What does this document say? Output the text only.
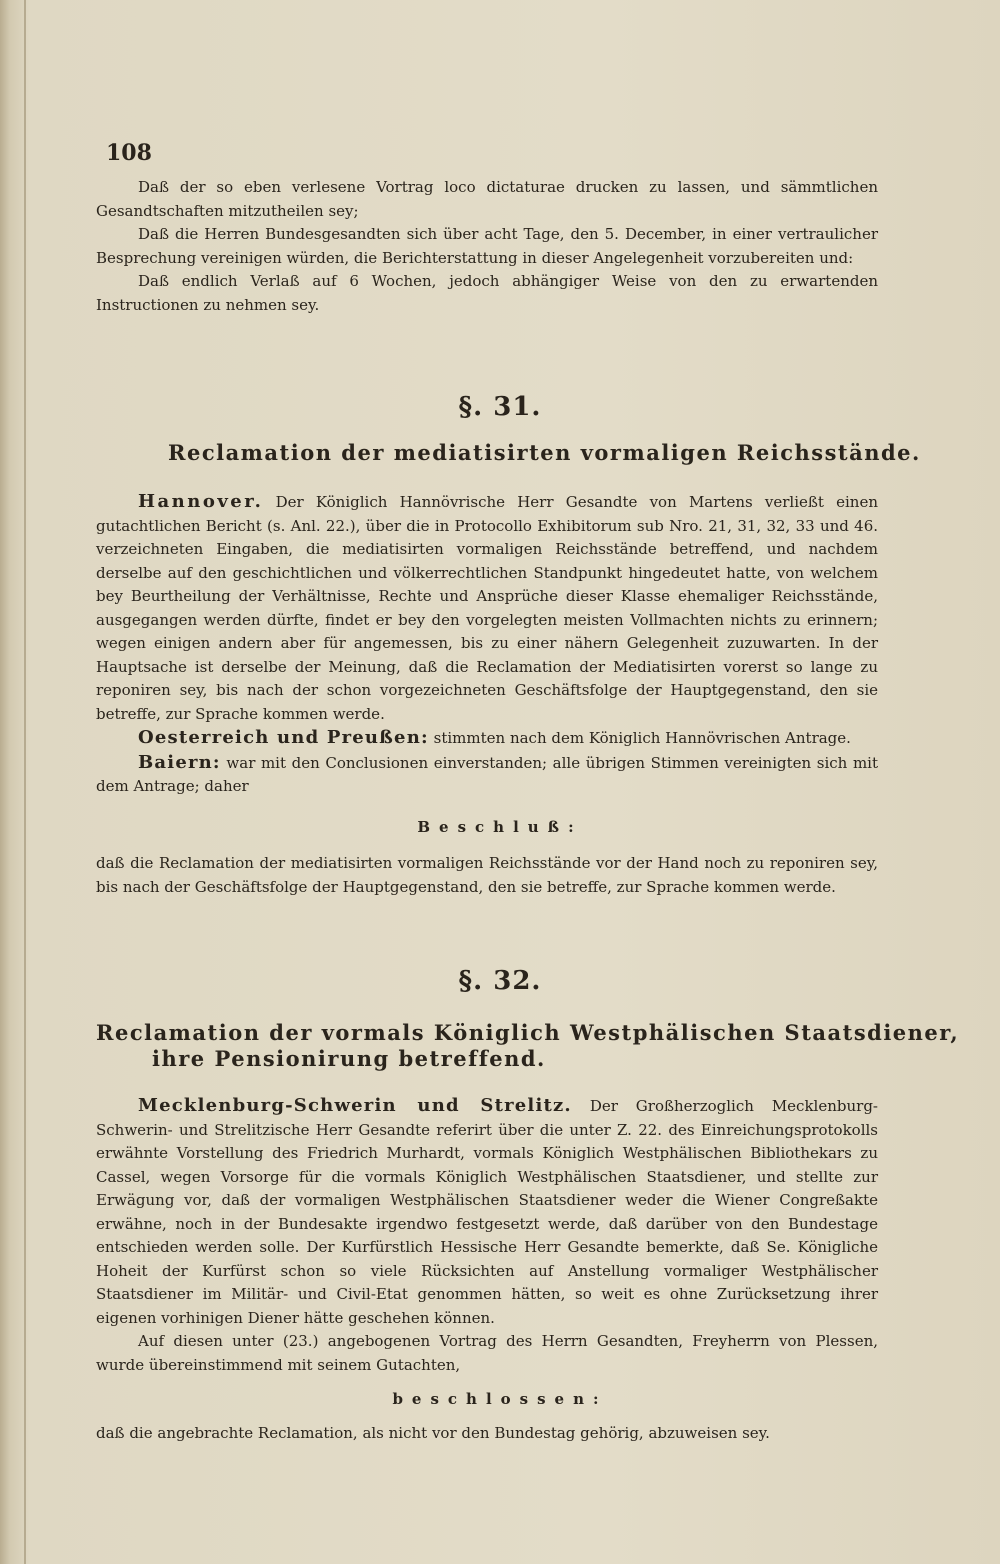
108

Daß der so eben verlesene Vortrag loco dictaturae drucken zu lassen, und sämmtlichen Gesandtschaften mitzutheilen sey;

Daß die Herren Bundesgesandten sich über acht Tage, den 5. December, in einer vertraulicher Besprechung vereinigen würden, die Berichterstattung in dieser Angelegenheit vorzubereiten und:

Daß endlich Verlaß auf 6 Wochen, jedoch abhängiger Weise von den zu erwartenden Instructionen zu nehmen sey.

§. 31.
Reclamation der mediatisirten vormaligen Reichsstände.

Hannover. Der Königlich Hannövrische Herr Gesandte von Martens verließt einen gutachtlichen Bericht (s. Anl. 22.), über die in Protocollo Exhibitorum sub Nro. 21, 31, 32, 33 und 46. verzeichneten Eingaben, die mediatisirten vormaligen Reichsstände betreffend, und nachdem derselbe auf den geschichtlichen und völkerrechtlichen Standpunkt hingedeutet hatte, von welchem bey Beurtheilung der Verhältnisse, Rechte und Ansprüche dieser Klasse ehemaliger Reichsstände, ausgegangen werden dürfte, findet er bey den vorgelegten meisten Vollmachten nichts zu erinnern; wegen einigen andern aber für angemessen, bis zu einer nähern Gelegenheit zuzuwarten. In der Hauptsache ist derselbe der Meinung, daß die Reclamation der Mediatisirten vorerst so lange zu reponiren sey, bis nach der schon vorgezeichneten Geschäftsfolge der Hauptgegenstand, den sie betreffe, zur Sprache kommen werde.

Oesterreich und Preußen: stimmten nach dem Königlich Hannövrischen Antrage.

Baiern: war mit den Conclusionen einverstanden; alle übrigen Stimmen vereinigten sich mit dem Antrage; daher

Beschluß:

daß die Reclamation der mediatisirten vormaligen Reichsstände vor der Hand noch zu reponiren sey, bis nach der Geschäftsfolge der Hauptgegenstand, den sie betreffe, zur Sprache kommen werde.

§. 32.
Reclamation der vormals Königlich Westphälischen Staatsdiener,
ihre Pensionirung betreffend.

Mecklenburg-Schwerin und Strelitz. Der Großherzoglich Mecklenburg-Schwerin- und Strelitzische Herr Gesandte referirt über die unter Z. 22. des Einreichungsprotokolls erwähnte Vorstellung des Friedrich Murhardt, vormals Königlich Westphälischen Bibliothekars zu Cassel, wegen Vorsorge für die vormals Königlich Westphälischen Staatsdiener, und stellte zur Erwägung vor, daß der vormaligen Westphälischen Staatsdiener weder die Wiener Congreßakte erwähne, noch in der Bundesakte irgendwo festgesetzt werde, daß darüber von den Bundestage entschieden werden solle. Der Kurfürstlich Hessische Herr Gesandte bemerkte, daß Se. Königliche Hoheit der Kurfürst schon so viele Rücksichten auf Anstellung vormaliger Westphälischer Staatsdiener im Militär- und Civil-Etat genommen hätten, so weit es ohne Zurücksetzung ihrer eigenen vorhinigen Diener hätte geschehen können.

Auf diesen unter (23.) angebogenen Vortrag des Herrn Gesandten, Freyherrn von Plessen, wurde übereinstimmend mit seinem Gutachten,

beschlossen:

daß die angebrachte Reclamation, als nicht vor den Bundestag gehörig, abzuweisen sey.
